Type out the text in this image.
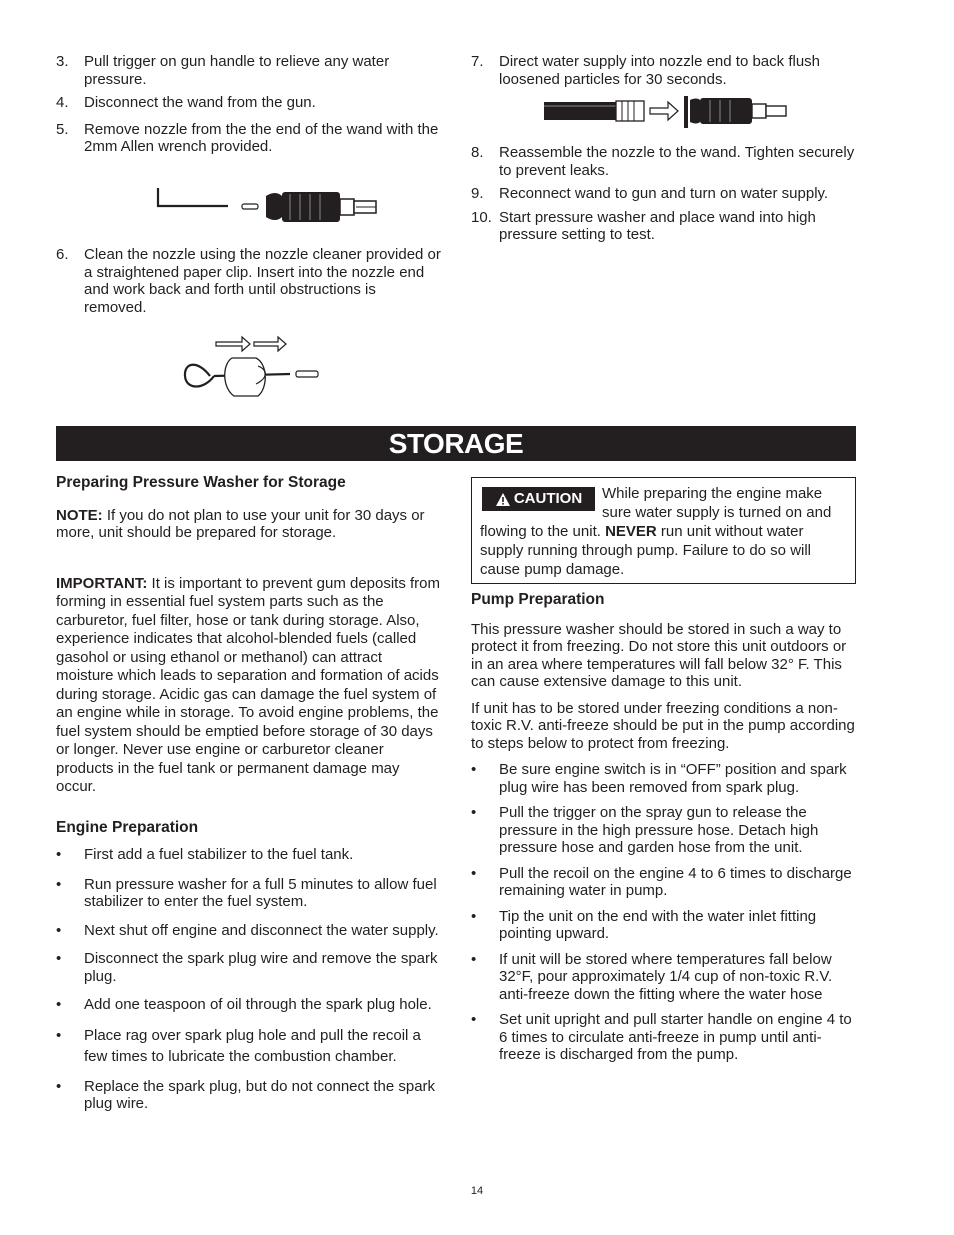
3. Pull trigger on gun handle to relieve any water pressure.
4. Disconnect the wand from the gun.
5. Remove nozzle from the the end of the wand with the 2mm Allen wrench provided.
6. Clean the nozzle using the nozzle cleaner provided or a straightened paper clip. Insert into the nozzle end and work back and forth until obstructions is removed.
7. Direct water supply into nozzle end to back flush loosened particles for 30 seconds.
8. Reassemble the nozzle to the wand. Tighten securely to prevent leaks.
9. Reconnect wand to gun and turn on water supply.
10. Start pressure washer and place wand into high pressure setting to test.
STORAGE
Preparing Pressure Washer for Storage
NOTE: If you do not plan to use your unit for 30 days or more, unit should be prepared for storage.
IMPORTANT: It is important to prevent gum deposits from forming in essential fuel system parts such as the carburetor, fuel filter, hose or tank during storage. Also, experience indicates that alcohol-blended fuels (called gasohol or using ethanol or methanol) can attract moisture which leads to separation and formation of acids during storage. Acidic gas can damage the fuel system of an engine while in storage. To avoid engine problems, the fuel system should be emptied before storage of 30 days or longer. Never use engine or carburetor cleaner products in the fuel tank or permanent damage may occur.
Engine Preparation
• First add a fuel stabilizer to the fuel tank.
• Run pressure washer for a full 5 minutes to allow fuel stabilizer to enter the fuel system.
• Next shut off engine and disconnect the water supply.
• Disconnect the spark plug wire and remove the spark plug.
• Add one teaspoon of oil through the spark plug hole.
• Place rag over spark plug hole and pull the recoil a few times to lubricate the combustion chamber.
• Replace the spark plug, but do not connect the spark plug wire.
CAUTION While preparing the engine make sure water supply is turned on and flowing to the unit. NEVER run unit without water supply running through pump. Failure to do so will cause pump damage.
Pump Preparation
This pressure washer should be stored in such a way to protect it from freezing. Do not store this unit outdoors or in an area where temperatures will fall below 32° F. This can cause extensive damage to this unit.
If unit has to be stored under freezing conditions a non-toxic R.V. anti-freeze should be put in the pump according to steps below to protect from freezing.
• Be sure engine switch is in “OFF” position and spark plug wire has been removed from spark plug.
• Pull the trigger on the spray gun to release the pressure in the high pressure hose. Detach high pressure hose and garden hose from the unit.
• Pull the recoil on the engine 4 to 6 times to discharge remaining water in pump.
• Tip the unit on the end with the water inlet fitting pointing upward.
• If unit will be stored where temperatures fall below 32°F, pour approximately 1/4 cup of non-toxic R.V. anti-freeze down the fitting where the water hose
• Set unit upright and pull starter handle on engine 4 to 6 times to circulate anti-freeze in pump until anti-freeze is discharged from the pump.
14
